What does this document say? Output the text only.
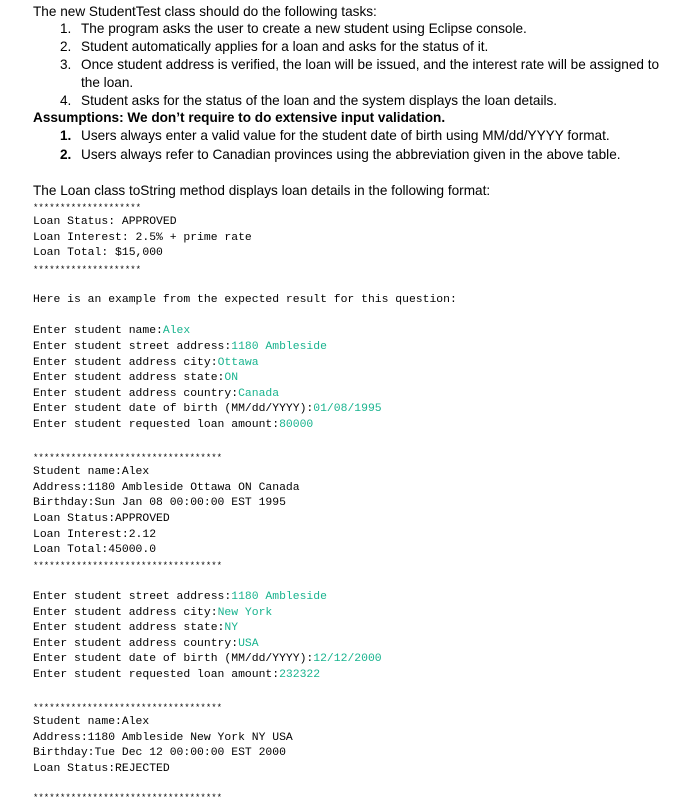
The new StudentTest class should do the following tasks:
1. The program asks the user to create a new student using Eclipse console.
2. Student automatically applies for a loan and asks for the status of it.
3. Once student address is verified, the loan will be issued, and the interest rate will be assigned to
the loan.
4. Student asks for the status of the loan and the system displays the loan details.
Assumptions: We don’t require to do extensive input validation.
1. Users always enter a valid value for the student date of birth using MM/dd/YYYY format.
2. Users always refer to Canadian provinces using the abbreviation given in the above table.
The Loan class toString method displays loan details in the following format:
********************
Loan Status: APPROVED
Loan Interest: 2.5% + prime rate
Loan Total: $15,000
********************
Here is an example from the expected result for this question:
Enter student name:Alex
Enter student street address:1180 Ambleside
Enter student address city:Ottawa
Enter student address state:ON
Enter student address country:Canada
Enter student date of birth (MM/dd/YYYY):01/08/1995
Enter student requested loan amount:80000
***********************************
Student name:Alex
Address:1180 Ambleside Ottawa ON Canada
Birthday:Sun Jan 08 00:00:00 EST 1995
Loan Status:APPROVED
Loan Interest:2.12
Loan Total:45000.0
***********************************
Enter student street address:1180 Ambleside
Enter student address city:New York
Enter student address state:NY
Enter student address country:USA
Enter student date of birth (MM/dd/YYYY):12/12/2000
Enter student requested loan amount:232322
***********************************
Student name:Alex
Address:1180 Ambleside New York NY USA
Birthday:Tue Dec 12 00:00:00 EST 2000
Loan Status:REJECTED
***********************************
